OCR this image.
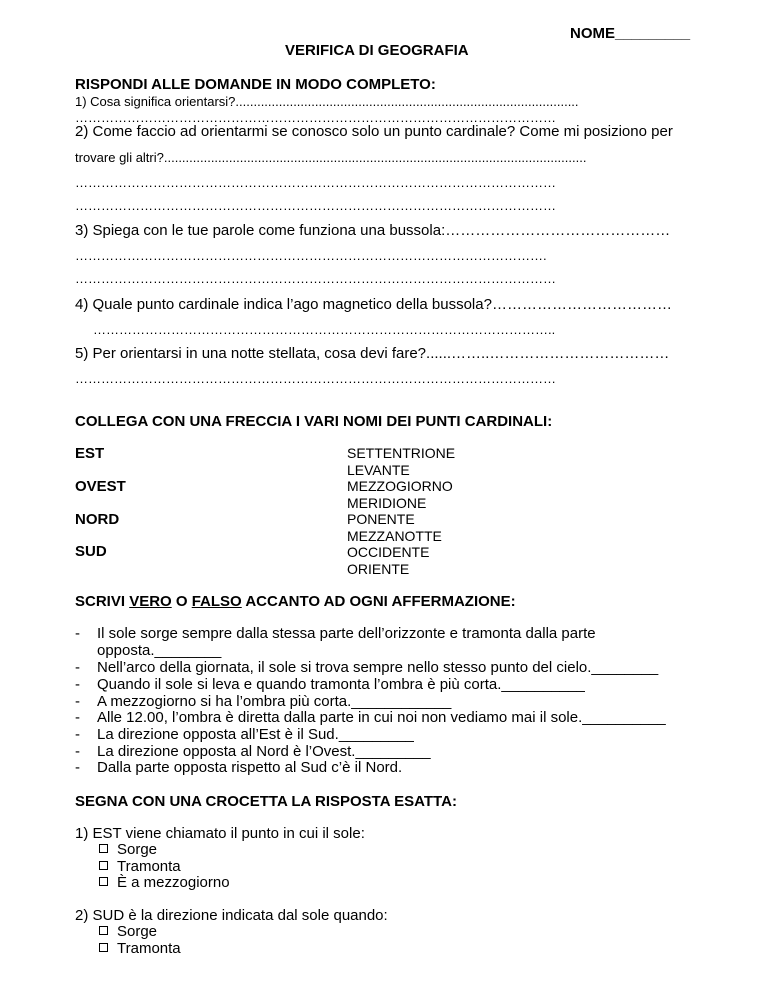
NOME_________
VERIFICA DI GEOGRAFIA
RISPONDI ALLE DOMANDE IN MODO COMPLETO:
1) Cosa significa orientarsi?...............................................................................................
…………………………………………………………………………………………………
2) Come faccio ad orientarmi se conosco solo un punto cardinale? Come mi posiziono per
trovare gli altri?.....................................................................................................................
…………………………………………………………………………………………………
…………………………………………………………………………………………………
3) Spiega con le tue parole come funziona una bussola:………………………………………
……………………………………………………………………………………………….
…………………………………………………………………………………………………
4) Quale punto cardinale indica l’ago magnetico della bussola?………………………………
……………………………………………………………………………………………..
5) Per orientarsi in una notte stellata, cosa devi fare?......……..………………………………
…………………………………………………………………………………………………
COLLEGA CON UNA FRECCIA I VARI NOMI DEI PUNTI CARDINALI:
EST
OVEST
NORD
SUD
SETTENTRIONE
LEVANTE
MEZZOGIORNO
MERIDIONE
PONENTE
MEZZANOTTE
OCCIDENTE
ORIENTE
SCRIVI VERO O FALSO ACCANTO AD OGNI AFFERMAZIONE:
- Il sole sorge sempre dalla stessa parte dell’orizzonte e tramonta dalla parte
opposta.________
- Nell’arco della giornata, il sole si trova sempre nello stesso punto del cielo.________
- Quando il sole si leva e quando tramonta l’ombra è più corta.__________
- A mezzogiorno si ha l’ombra più corta.____________
- Alle 12.00, l’ombra è diretta dalla parte in cui noi non vediamo mai il sole.__________
- La direzione opposta all’Est è il Sud._________
- La direzione opposta al Nord è l’Ovest._________
- Dalla parte opposta rispetto al Sud c’è il Nord.
SEGNA CON UNA CROCETTA LA RISPOSTA ESATTA:
1) EST viene chiamato il punto in cui il sole:
Sorge
Tramonta
È a mezzogiorno
2) SUD è la direzione indicata dal sole quando:
Sorge
Tramonta
